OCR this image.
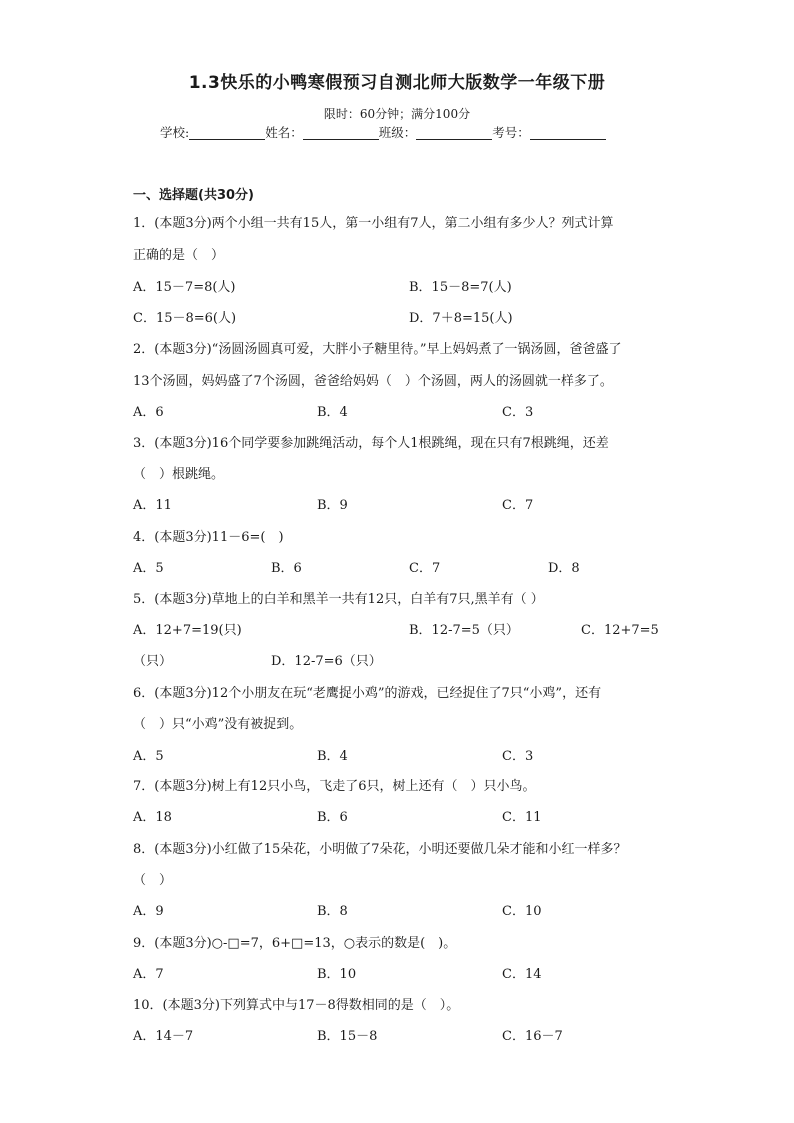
1.3快乐的小鸭寒假预习自测北师大版数学一年级下册
限时：60分钟；满分100分
学校:	姓名：	班级：	考号：
一、选择题(共30分)
1．(本题3分)两个小组一共有15人，第一小组有7人，第二小组有多少人？列式计算
正确的是（　）
A．15－7=8(人)	B．15－8=7(人)
C．15－8=6(人)	D．7＋8=15(人)
2．(本题3分)“汤圆汤圆真可爱，大胖小子糖里待。”早上妈妈煮了一锅汤圆，爸爸盛了
13个汤圆，妈妈盛了7个汤圆，爸爸给妈妈（　）个汤圆，两人的汤圆就一样多了。
A．6	B．4	C．3
3．(本题3分)16个同学要参加跳绳活动，每个人1根跳绳，现在只有7根跳绳，还差
（　）根跳绳。
A．11	B．9	C．7
4．(本题3分)11－6=(　)
A．5	B．6	C．7	D．8
5．(本题3分)草地上的白羊和黑羊一共有12只，白羊有7只,黑羊有（ ）
A．12+7=19(只)	B．12-7=5（只）	C．12+7=5
（只）	D．12-7=6（只）
6．(本题3分)12个小朋友在玩“老鹰捉小鸡”的游戏，已经捉住了7只“小鸡”，还有
（　）只“小鸡”没有被捉到。
A．5	B．4	C．3
7．(本题3分)树上有12只小鸟，飞走了6只，树上还有（　）只小鸟。
A．18	B．6	C．11
8．(本题3分)小红做了15朵花，小明做了7朵花，小明还要做几朵才能和小红一样多？
（　）
A．9	B．8	C．10
9．(本题3分)○-□=7，6+□=13，○表示的数是(　)。
A．7	B．10	C．14
10．(本题3分)下列算式中与17－8得数相同的是（　）。
A．14－7	B．15－8	C．16－7
